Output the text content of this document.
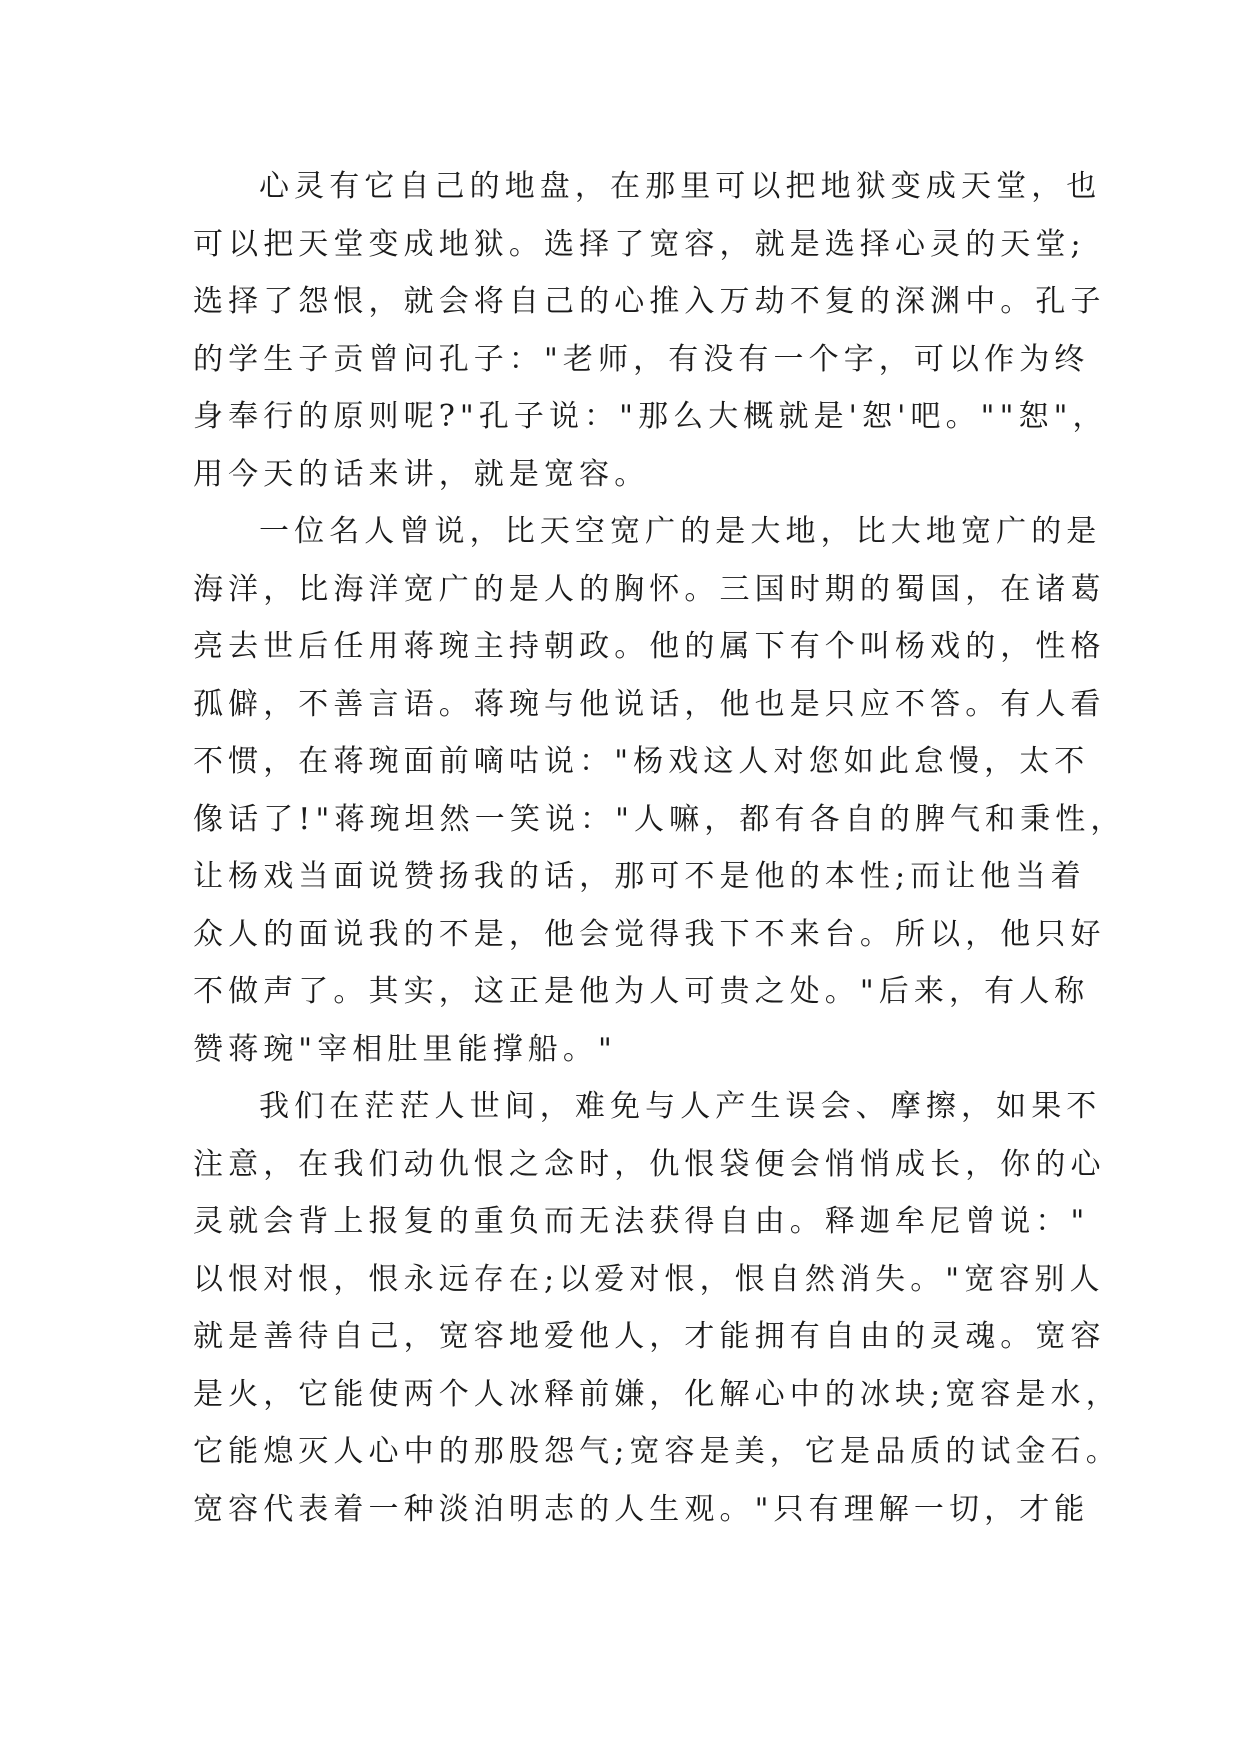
心灵有它自己的地盘，在那里可以把地狱变成天堂，也
可以把天堂变成地狱。选择了宽容，就是选择心灵的天堂;
选择了怨恨，就会将自己的心推入万劫不复的深渊中。孔子
的学生子贡曾问孔子："老师，有没有一个字，可以作为终
身奉行的原则呢?"孔子说："那么大概就是'恕'吧。""恕"，
用今天的话来讲，就是宽容。

一位名人曾说，比天空宽广的是大地，比大地宽广的是
海洋，比海洋宽广的是人的胸怀。三国时期的蜀国，在诸葛
亮去世后任用蒋琬主持朝政。他的属下有个叫杨戏的，性格
孤僻，不善言语。蒋琬与他说话，他也是只应不答。有人看
不惯，在蒋琬面前嘀咕说："杨戏这人对您如此怠慢，太不
像话了!"蒋琬坦然一笑说："人嘛，都有各自的脾气和秉性，
让杨戏当面说赞扬我的话，那可不是他的本性;而让他当着
众人的面说我的不是，他会觉得我下不来台。所以，他只好
不做声了。其实，这正是他为人可贵之处。"后来，有人称
赞蒋琬"宰相肚里能撑船。"

我们在茫茫人世间，难免与人产生误会、摩擦，如果不
注意，在我们动仇恨之念时，仇恨袋便会悄悄成长，你的心
灵就会背上报复的重负而无法获得自由。释迦牟尼曾说："
以恨对恨，恨永远存在;以爱对恨，恨自然消失。"宽容别人
就是善待自己，宽容地爱他人，才能拥有自由的灵魂。宽容
是火，它能使两个人冰释前嫌，化解心中的冰块;宽容是水，
它能熄灭人心中的那股怨气;宽容是美，它是品质的试金石。
宽容代表着一种淡泊明志的人生观。"只有理解一切，才能
